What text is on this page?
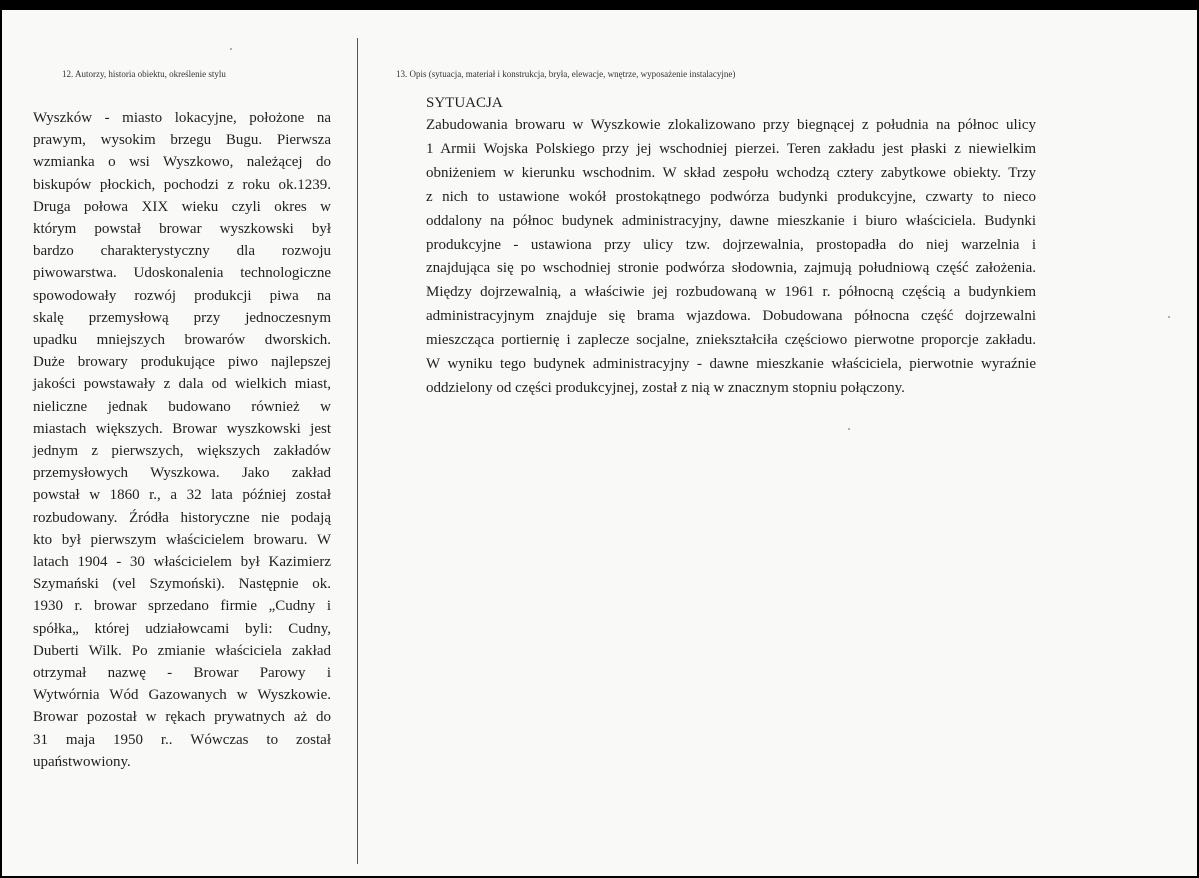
12. Autorzy, historia obiektu, określenie stylu	13. Opis (sytuacja, materiał i konstrukcja, bryła, elewacje, wnętrze, wyposażenie instalacyjne)
Wyszków - miasto lokacyjne, położone na
prawym, wysokim brzegu Bugu. Pierwsza
wzmianka o wsi Wyszkowo, należącej do
biskupów płockich, pochodzi z roku ok.1239.
Druga połowa XIX wieku czyli okres w
którym powstał browar wyszkowski był
bardzo charakterystyczny dla rozwoju
piwowarstwa. Udoskonalenia technologiczne
spowodowały rozwój produkcji piwa na
skalę przemysłową przy jednoczesnym
upadku mniejszych browarów dworskich.
Duże browary produkujące piwo najlepszej
jakości powstawały z dala od wielkich miast,
nieliczne jednak budowano również w
miastach większych. Browar wyszkowski jest
jednym z pierwszych, większych zakładów
przemysłowych Wyszkowa. Jako zakład
powstał w 1860 r., a 32 lata później został
rozbudowany. Źródła historyczne nie podają
kto był pierwszym właścicielem browaru. W
latach 1904 - 30 właścicielem był Kazimierz
Szymański (vel Szymoński). Następnie ok.
1930 r. browar sprzedano firmie „Cudny i
spółka„ której udziałowcami byli: Cudny,
Duberti Wilk. Po zmianie właściciela zakład
otrzymał nazwę - Browar Parowy i
Wytwórnia Wód Gazowanych w Wyszkowie.
Browar pozostał w rękach prywatnych aż do
31 maja 1950 r.. Wówczas to został
upaństwowiony.
SYTUACJA
Zabudowania browaru w Wyszkowie zlokalizowano przy biegnącej z południa na północ ulicy
1 Armii Wojska Polskiego przy jej wschodniej pierzei. Teren zakładu jest płaski z niewielkim
obniżeniem w kierunku wschodnim. W skład zespołu wchodzą cztery zabytkowe obiekty. Trzy
z nich to ustawione wokół prostokątnego podwórza budynki produkcyjne, czwarty to nieco
oddalony na północ budynek administracyjny, dawne mieszkanie i biuro właściciela. Budynki
produkcyjne - ustawiona przy ulicy tzw. dojrzewalnia, prostopadła do niej warzelnia i
znajdująca się po wschodniej stronie podwórza słodownia, zajmują południową część założenia.
Między dojrzewalnią, a właściwie jej rozbudowaną w 1961 r. północną częścią a budynkiem
administracyjnym znajduje się brama wjazdowa. Dobudowana północna część dojrzewalni
mieszcząca portiernię i zaplecze socjalne, zniekształciła częściowo pierwotne proporcje zakładu.
W wyniku tego budynek administracyjny - dawne mieszkanie właściciela, pierwotnie wyraźnie
oddzielony od części produkcyjnej, został z nią w znacznym stopniu połączony.
